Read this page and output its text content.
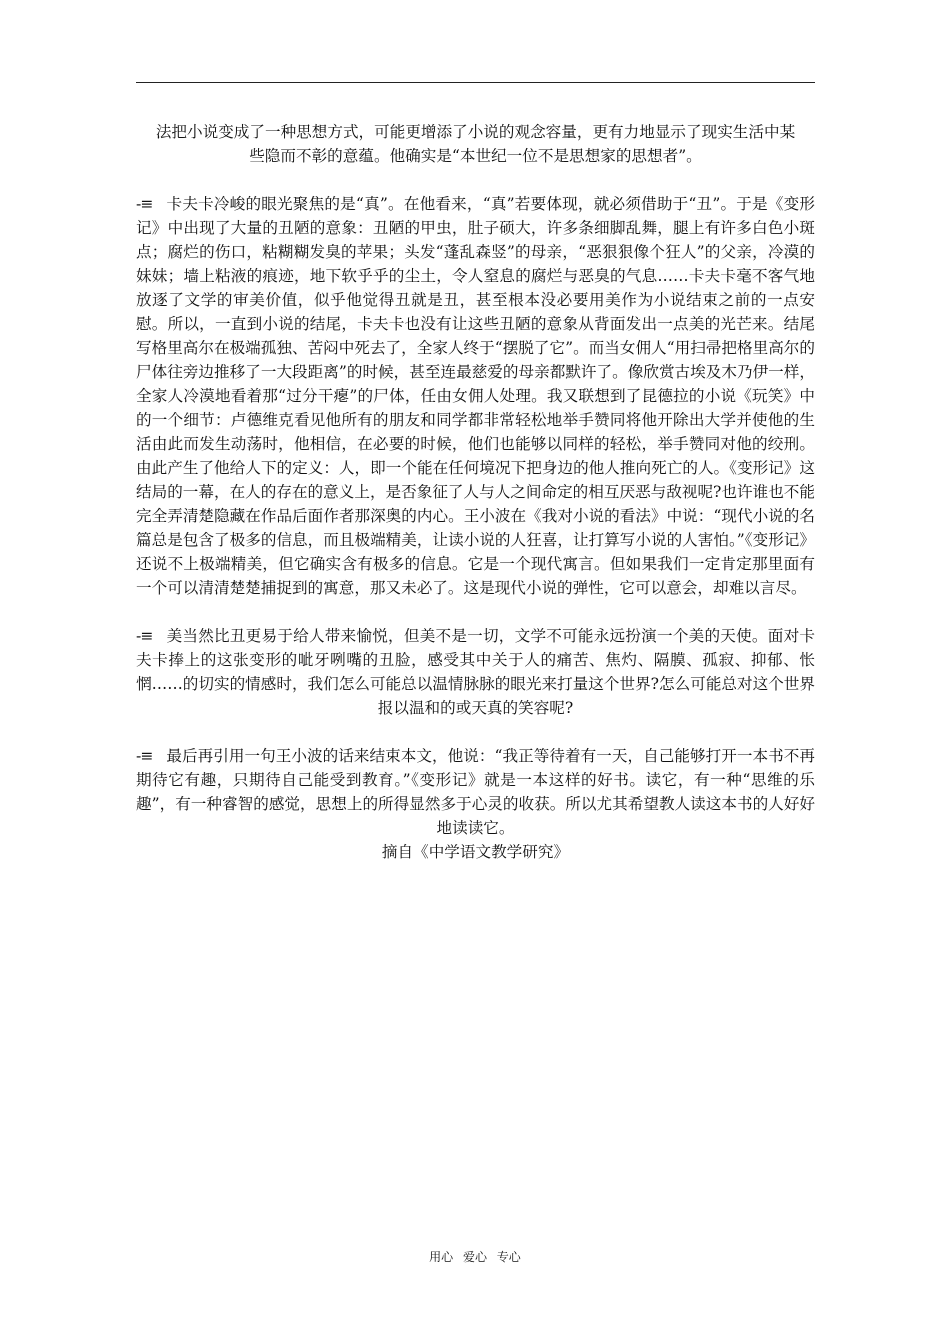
法把小说变成了一种思想方式，可能更增添了小说的观念容量，更有力地显示了现实生活中某

些隐而不彰的意蕴。他确实是“本世纪一位不是思想家的思想者”。

-≡ 卡夫卡冷峻的眼光聚焦的是“真”。在他看来，“真”若要体现，就必须借助于“丑”。于是《变形记》中出现了大量的丑陋的意象：丑陋的甲虫，肚子硕大，许多条细脚乱舞，腿上有许多白色小斑点；腐烂的伤口，粘糊糊发臭的苹果；头发“蓬乱森竖”的母亲，“恶狠狠像个狂人”的父亲，冷漠的妹妹；墙上粘液的痕迹，地下软乎乎的尘土，令人窒息的腐烂与恶臭的气息……卡夫卡毫不客气地放逐了文学的审美价值，似乎他觉得丑就是丑，甚至根本没必要用美作为小说结束之前的一点安慰。所以，一直到小说的结尾，卡夫卡也没有让这些丑陋的意象从背面发出一点美的光芒来。结尾写格里高尔在极端孤独、苦闷中死去了，全家人终于“摆脱了它”。而当女佣人“用扫帚把格里高尔的尸体往旁边推移了一大段距离”的时候，甚至连最慈爱的母亲都默许了。像欣赏古埃及木乃伊一样，全家人冷漠地看着那“过分干瘪”的尸体，任由女佣人处理。我又联想到了昆德拉的小说《玩笑》中的一个细节：卢德维克看见他所有的朋友和同学都非常轻松地举手赞同将他开除出大学并使他的生活由此而发生动荡时，他相信，在必要的时候，他们也能够以同样的轻松，举手赞同对他的绞刑。由此产生了他给人下的定义：人，即一个能在任何境况下把身边的他人推向死亡的人。《变形记》这结局的一幕，在人的存在的意义上，是否象征了人与人之间命定的相互厌恶与敌视呢?也许谁也不能完全弄清楚隐藏在作品后面作者那深奥的内心。王小波在《我对小说的看法》中说：“现代小说的名篇总是包含了极多的信息，而且极端精美，让读小说的人狂喜，让打算写小说的人害怕。”《变形记》还说不上极端精美，但它确实含有极多的信息。它是一个现代寓言。但如果我们一定肯定那里面有一个可以清清楚楚捕捉到的寓意，那又未必了。这是现代小说的弹性，它可以意会，却难以言尽。

-≡ 美当然比丑更易于给人带来愉悦，但美不是一切，文学不可能永远扮演一个美的天使。面对卡夫卡捧上的这张变形的呲牙咧嘴的丑脸，感受其中关于人的痛苦、焦灼、隔膜、孤寂、抑郁、怅惘……的切实的情感时，我们怎么可能总以温情脉脉的眼光来打量这个世界?怎么可能总对这个世界报以温和的或天真的笑容呢?

-≡ 最后再引用一句王小波的话来结束本文，他说：“我正等待着有一天，自己能够打开一本书不再期待它有趣，只期待自己能受到教育。”《变形记》就是一本这样的好书。读它，有一种“思维的乐趣”，有一种睿智的感觉，思想上的所得显然多于心灵的收获。所以尤其希望教人读这本书的人好好地读读它。

摘自《中学语文教学研究》

用心 爱心 专心
